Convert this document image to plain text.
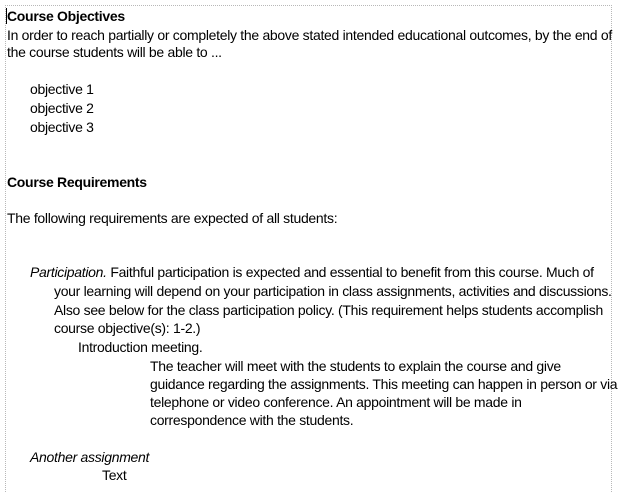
Course Objectives
In order to reach partially or completely the above stated intended educational outcomes, by the end of
the course students will be able to ...
objective 1
objective 2
objective 3
Course Requirements
The following requirements are expected of all students:
Participation. Faithful participation is expected and essential to benefit from this course. Much of
your learning will depend on your participation in class assignments, activities and discussions.
Also see below for the class participation policy. (This requirement helps students accomplish
course objective(s): 1-2.)
Introduction meeting.
The teacher will meet with the students to explain the course and give
guidance regarding the assignments. This meeting can happen in person or via
telephone or video conference. An appointment will be made in
correspondence with the students.
Another assignment
Text
